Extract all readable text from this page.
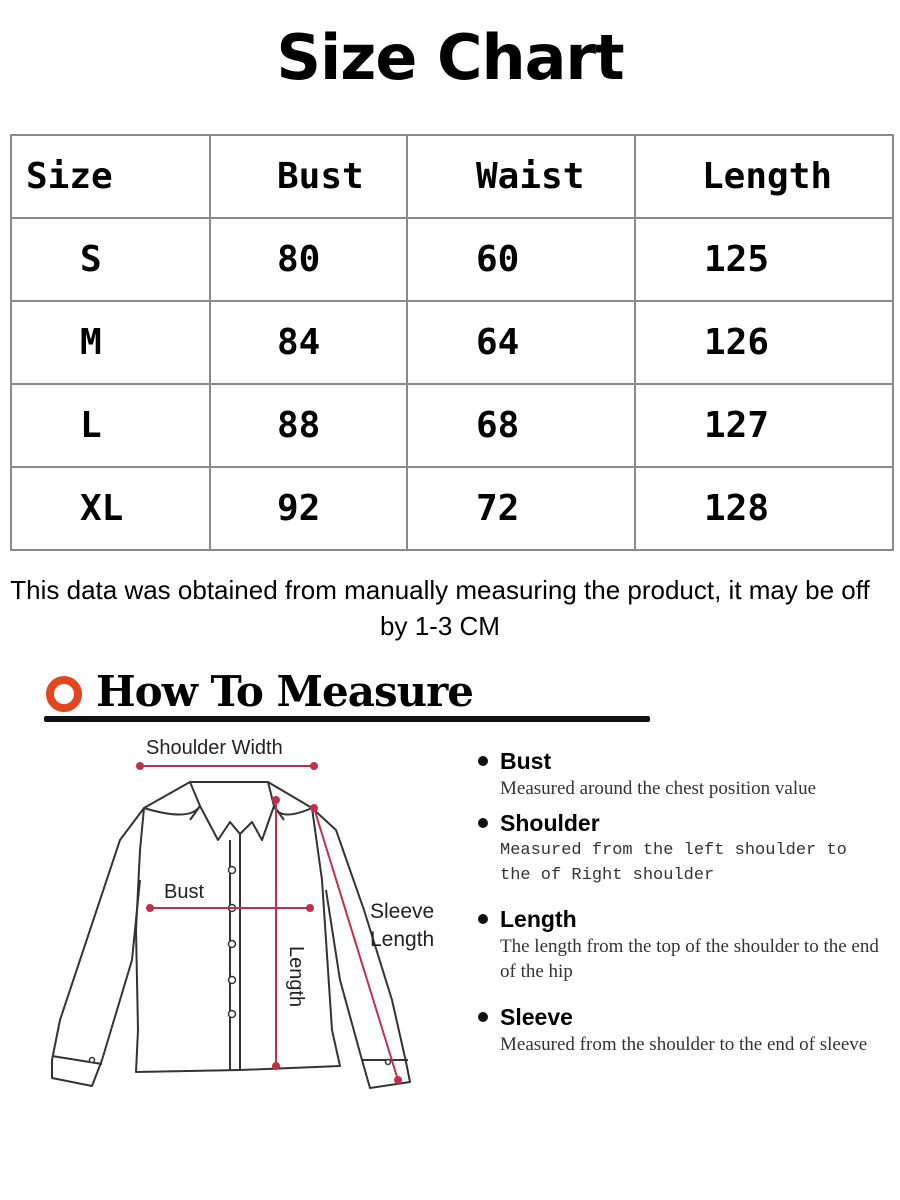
Size Chart
Size	Bust	Waist	Length
S	80	60	125
M	84	64	126
L	88	68	127
XL	92	72	128
This data was obtained from manually measuring the product, it may be off by 1-3 CM
How To Measure
Shoulder Width
Bust
Length
Sleeve
Length
Bust
Measured around the chest position value
Shoulder
Measured from the left shoulder to the of Right shoulder
Length
The length from the top of the shoulder to the end of the hip
Sleeve
Measured from the shoulder to the end of sleeve
